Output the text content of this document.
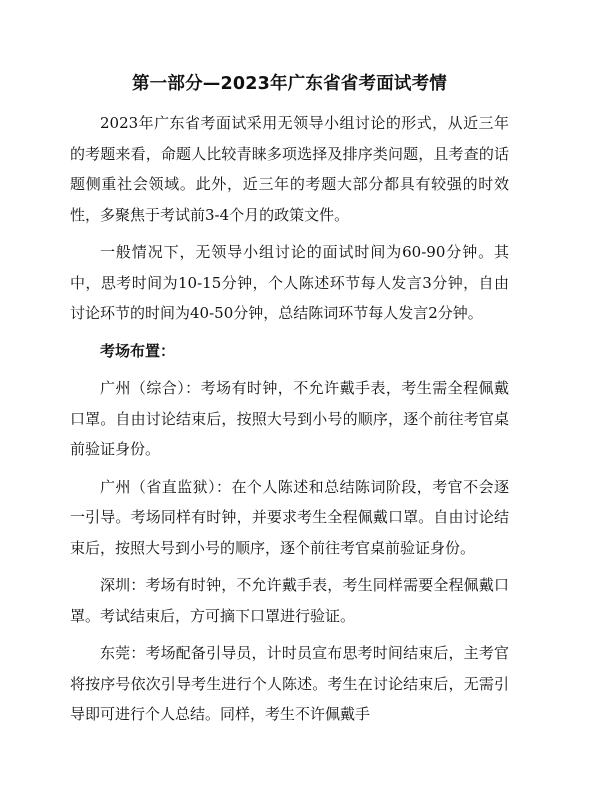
第一部分—2023年广东省省考面试考情

2023年广东省考面试采用无领导小组讨论的形式，从近三年的考题来看，命题人比较青睐多项选择及排序类问题，且考查的话题侧重社会领域。此外，近三年的考题大部分都具有较强的时效性，多聚焦于考试前3-4个月的政策文件。

一般情况下，无领导小组讨论的面试时间为60-90分钟。其中，思考时间为10-15分钟，个人陈述环节每人发言3分钟，自由讨论环节的时间为40-50分钟，总结陈词环节每人发言2分钟。

考场布置：

广州（综合）：考场有时钟，不允许戴手表，考生需全程佩戴口罩。自由讨论结束后，按照大号到小号的顺序，逐个前往考官桌前验证身份。

广州（省直监狱）：在个人陈述和总结陈词阶段，考官不会逐一引导。考场同样有时钟，并要求考生全程佩戴口罩。自由讨论结束后，按照大号到小号的顺序，逐个前往考官桌前验证身份。

深圳：考场有时钟，不允许戴手表，考生同样需要全程佩戴口罩。考试结束后，方可摘下口罩进行验证。

东莞：考场配备引导员，计时员宣布思考时间结束后，主考官将按序号依次引导考生进行个人陈述。考生在讨论结束后，无需引导即可进行个人总结。同样，考生不许佩戴手
